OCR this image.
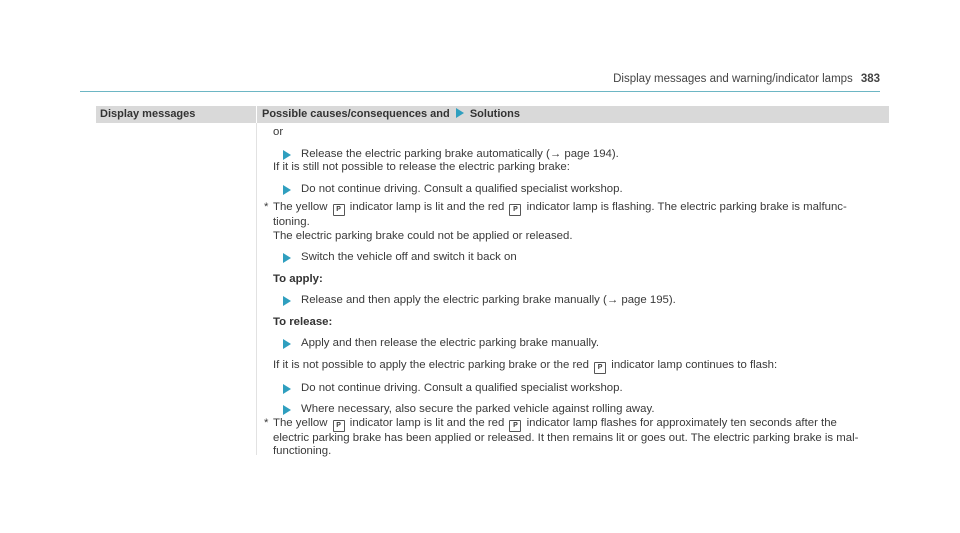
Display messages and warning/indicator lamps 383
Display messages	Possible causes/consequences and Solutions

or

Release the electric parking brake automatically (→ page 194).

If it is still not possible to release the electric parking brake:

Do not continue driving. Consult a qualified specialist workshop.

* The yellow P indicator lamp is lit and the red P indicator lamp is flashing. The electric parking brake is malfunc-

tioning.

The electric parking brake could not be applied or released.

Switch the vehicle off and switch it back on

To apply:

Release and then apply the electric parking brake manually (→ page 195).

To release:

Apply and then release the electric parking brake manually.

If it is not possible to apply the electric parking brake or the red P indicator lamp continues to flash:

Do not continue driving. Consult a qualified specialist workshop.

Where necessary, also secure the parked vehicle against rolling away.

* The yellow P indicator lamp is lit and the red P indicator lamp flashes for approximately ten seconds after the

electric parking brake has been applied or released. It then remains lit or goes out. The electric parking brake is mal-

functioning.
